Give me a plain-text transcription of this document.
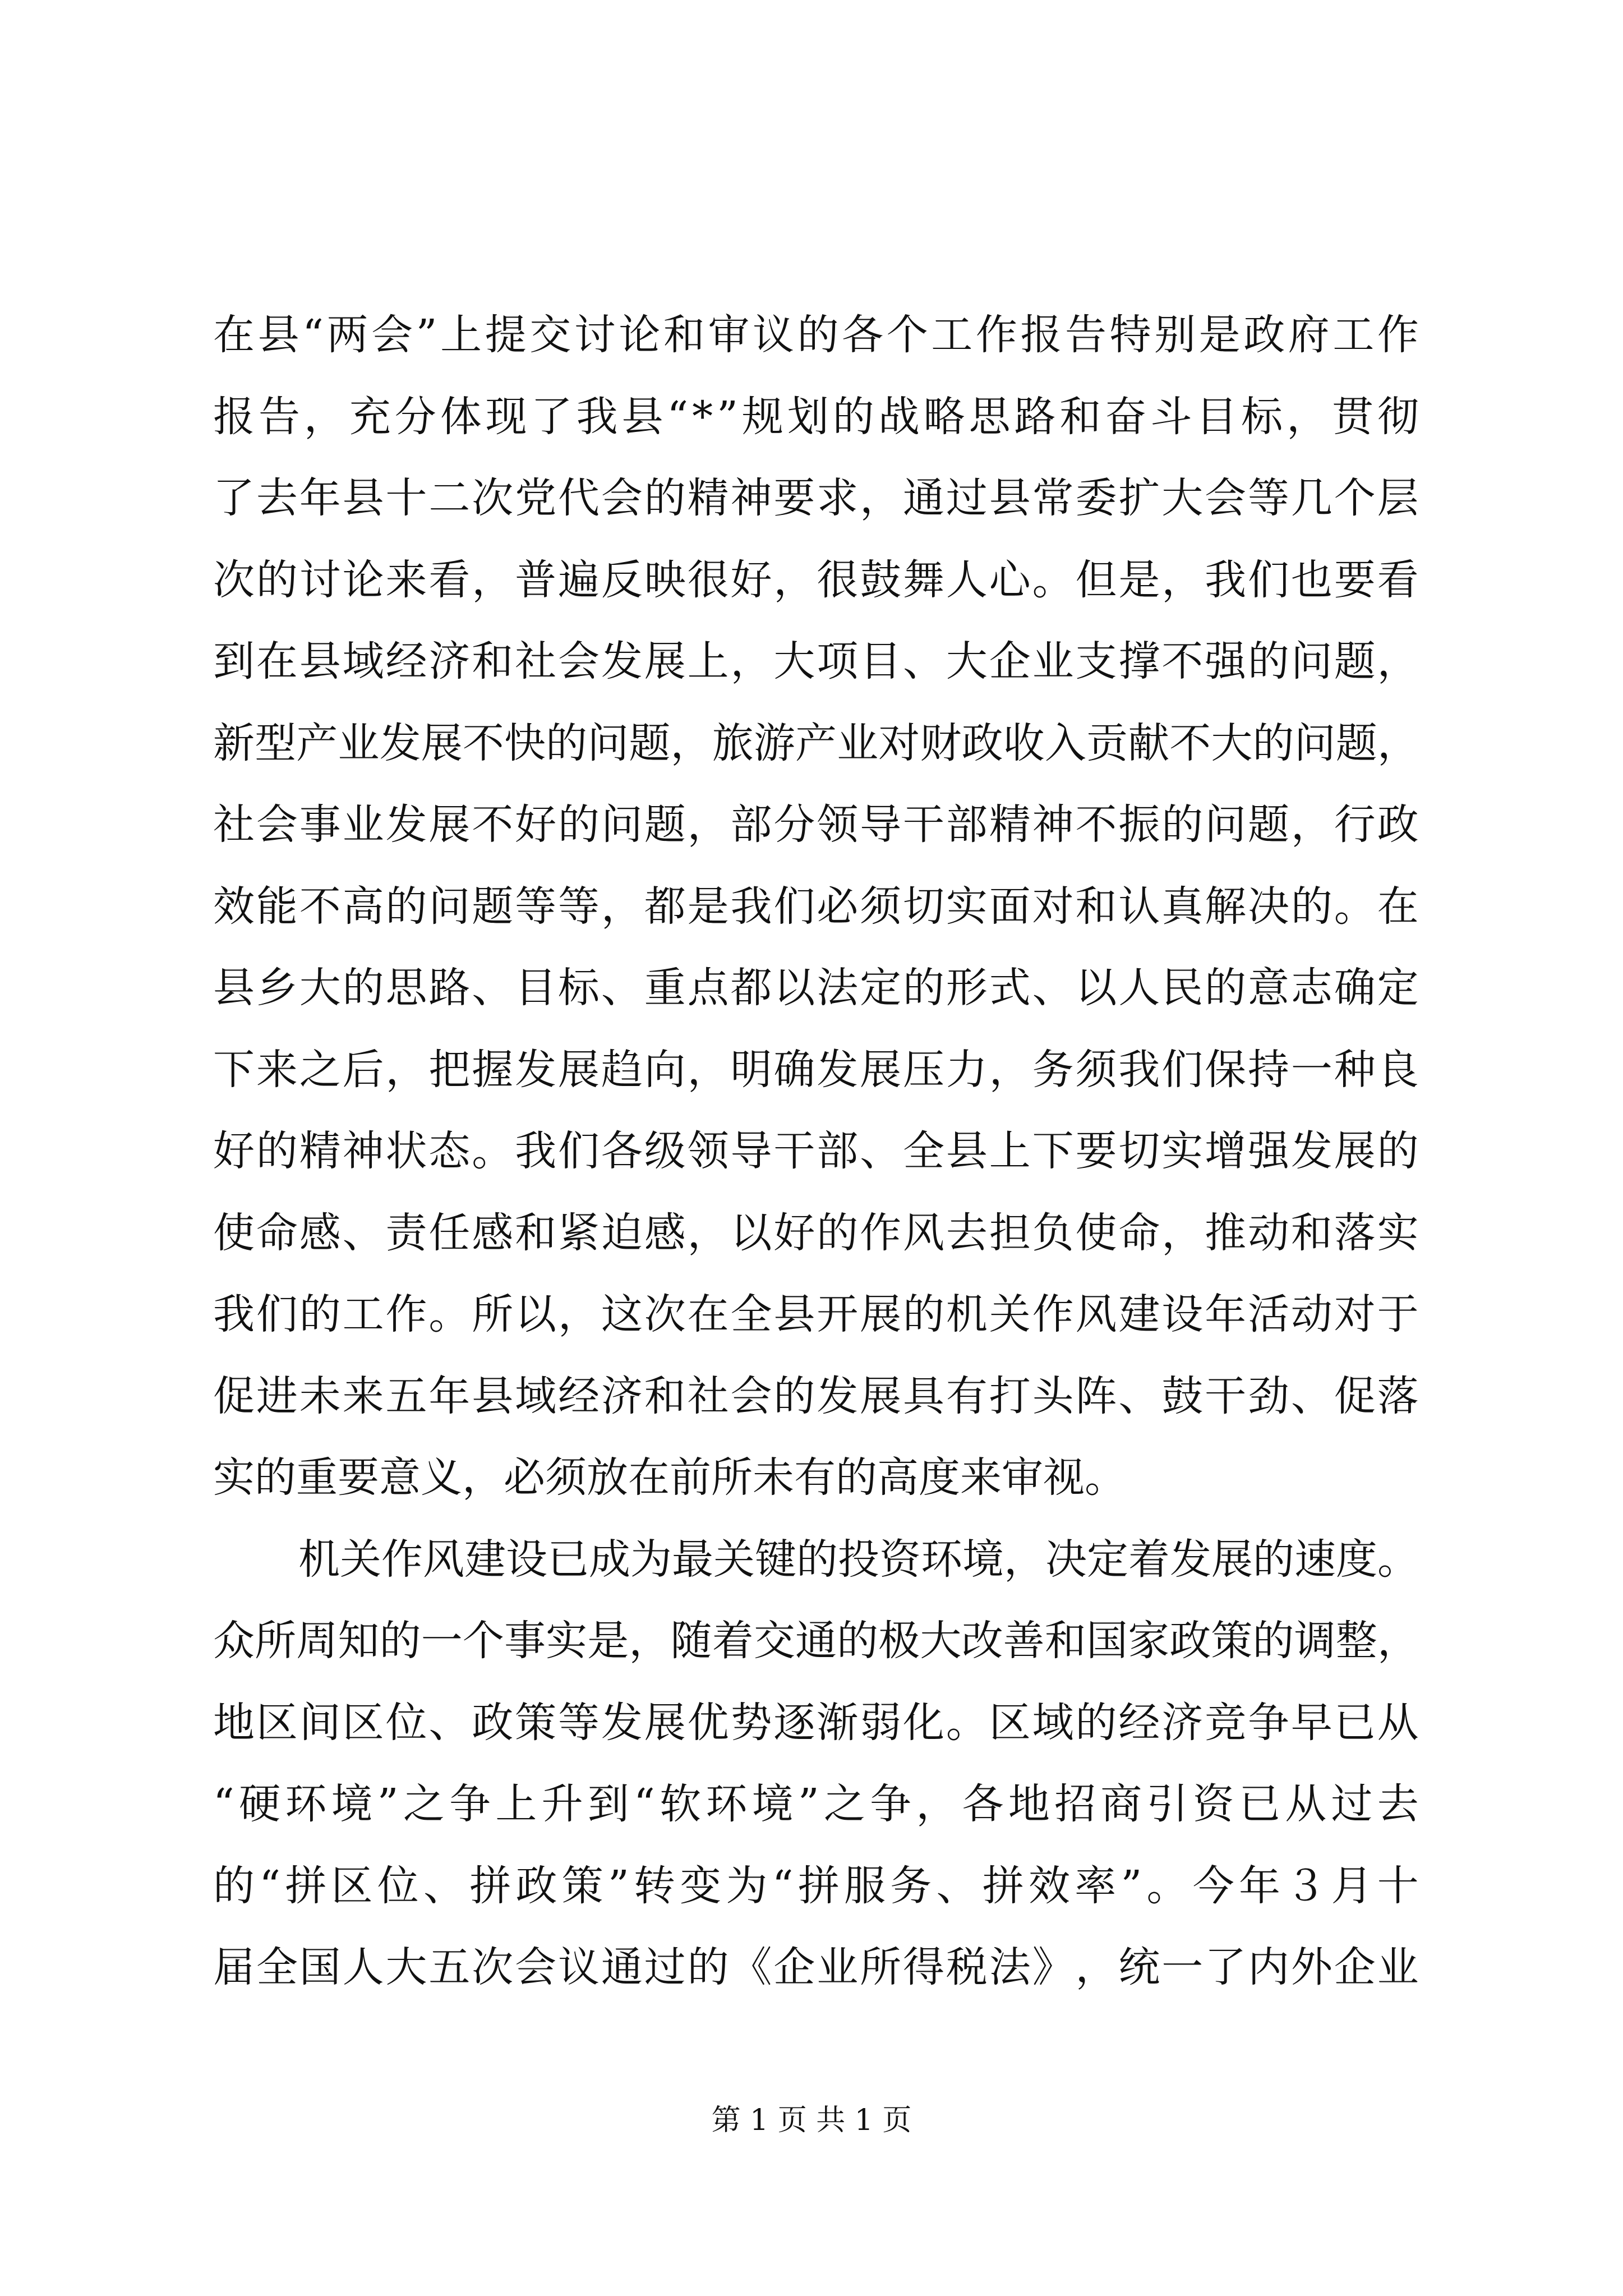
在 县 “ 两 会 ” 上 提 交 讨 论 和 审 议 的 各 个 工 作 报 告 特 别 是 政 府 工 作
报 告 ， 充 分 体 现 了 我 县 “ * ” 规 划 的 战 略 思 路 和 奋 斗 目 标 ， 贯 彻
了 去 年 县 十 二 次 党 代 会 的 精 神 要 求 ， 通 过 县 常 委 扩 大 会 等 几 个 层
次 的 讨 论 来 看 ， 普 遍 反 映 很 好 ， 很 鼓 舞 人 心 。 但 是 ， 我 们 也 要 看
到 在 县 域 经 济 和 社 会 发 展 上 ， 大 项 目 、 大 企 业 支 撑 不 强 的 问 题 ，
新 型 产 业 发 展 不 快 的 问 题 ， 旅 游 产 业 对 财 政 收 入 贡 献 不 大 的 问 题 ，
社 会 事 业 发 展 不 好 的 问 题 ， 部 分 领 导 干 部 精 神 不 振 的 问 题 ， 行 政
效 能 不 高 的 问 题 等 等 ， 都 是 我 们 必 须 切 实 面 对 和 认 真 解 决 的 。 在
县 乡 大 的 思 路 、 目 标 、 重 点 都 以 法 定 的 形 式 、 以 人 民 的 意 志 确 定
下 来 之 后 ， 把 握 发 展 趋 向 ， 明 确 发 展 压 力 ， 务 须 我 们 保 持 一 种 良
好 的 精 神 状 态 。 我 们 各 级 领 导 干 部 、 全 县 上 下 要 切 实 增 强 发 展 的
使 命 感 、 责 任 感 和 紧 迫 感 ， 以 好 的 作 风 去 担 负 使 命 ， 推 动 和 落 实
我 们 的 工 作 。 所 以 ， 这 次 在 全 县 开 展 的 机 关 作 风 建 设 年 活 动 对 于
促 进 未 来 五 年 县 域 经 济 和 社 会 的 发 展 具 有 打 头 阵 、 鼓 干 劲 、 促 落
实的重要意义，必须放在前所未有的高度来审视。
机 关 作 风 建 设 已 成 为 最 关 键 的 投 资 环 境 ， 决 定 着 发 展 的 速 度 。
众 所 周 知 的 一 个 事 实 是 ， 随 着 交 通 的 极 大 改 善 和 国 家 政 策 的 调 整 ，
地 区 间 区 位 、 政 策 等 发 展 优 势 逐 渐 弱 化 。 区 域 的 经 济 竞 争 早 已 从
“ 硬 环 境 ” 之 争 上 升 到 “ 软 环 境 ” 之 争 ， 各 地 招 商 引 资 已 从 过 去
的 “ 拼 区 位 、 拼 政 策 ” 转 变 为 “ 拼 服 务 、 拼 效 率 ” 。 今 年 ３ 月 十
届 全 国 人 大 五 次 会 议 通 过 的 《 企 业 所 得 税 法 》 ， 统 一 了 内 外 企 业
第 1 页 共 1 页
